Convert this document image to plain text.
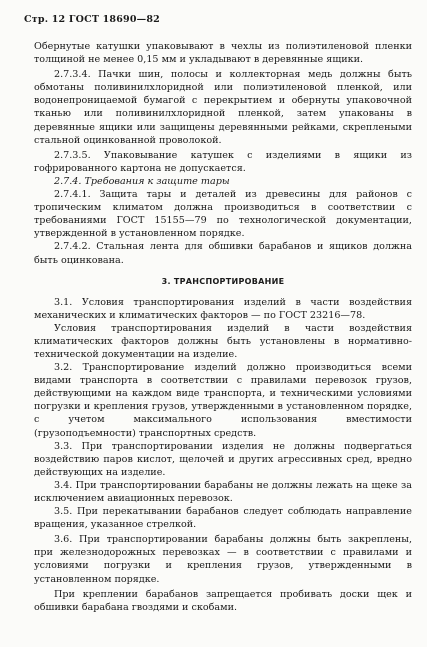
Стр. 12 ГОСТ 18690—82

Обернутые катушки упаковывают в чехлы из полиэтиленовой пленки толщиной не менее 0,15 мм и укладывают в деревянные ящики.

2.7.3.4. Пачки шин, полосы и коллекторная медь должны быть обмотаны поливинилхлоридной или полиэтиленовой пленкой, или водонепроницаемой бумагой с перекрытием и обернуты упаковочной тканью или поливинилхлоридной пленкой, затем упакованы в деревянные ящики или защищены деревянными рейками, скреплеными стальной оцинкованной проволокой.

2.7.3.5. Упаковывание катушек с изделиями в ящики из гофрированного картона не допускается.

2.7.4. Требования к защите тары

2.7.4.1. Защита тары и деталей из древесины для районов с тропическим климатом должна производиться в соответствии с требованиями ГОСТ 15155—79 по технологической документации, утвержденной в установленном порядке.

2.7.4.2. Стальная лента для обшивки барабанов и ящиков должна быть оцинкована.

3. ТРАНСПОРТИРОВАНИЕ

3.1. Условия транспортирования изделий в части воздействия механических и климатических факторов — по ГОСТ 23216—78.

Условия транспортирования изделий в части воздействия климатических факторов должны быть установлены в нормативно-технической документации на изделие.

3.2. Транспортирование изделий должно производиться всеми видами транспорта в соответствии с правилами перевозок грузов, действующими на каждом виде транспорта, и техническими условиями погрузки и крепления грузов, утвержденными в установленном порядке, с учетом максимального использования вместимости (грузоподъемности) транспортных средств.

3.3. При транспортировании изделия не должны подвергаться воздействию паров кислот, щелочей и других агрессивных сред, вредно действующих на изделие.

3.4. При транспортировании барабаны не должны лежать на щеке за исключением авиационных перевозок.

3.5. При перекатывании барабанов следует соблюдать направление вращения, указанное стрелкой.

3.6. При транспортировании барабаны должны быть закреплены, при железнодорожных перевозках — в соответствии с правилами и условиями погрузки и крепления грузов, утвержденными в установленном порядке.

При креплении барабанов запрещается пробивать доски щек и обшивки барабана гвоздями и скобами.
